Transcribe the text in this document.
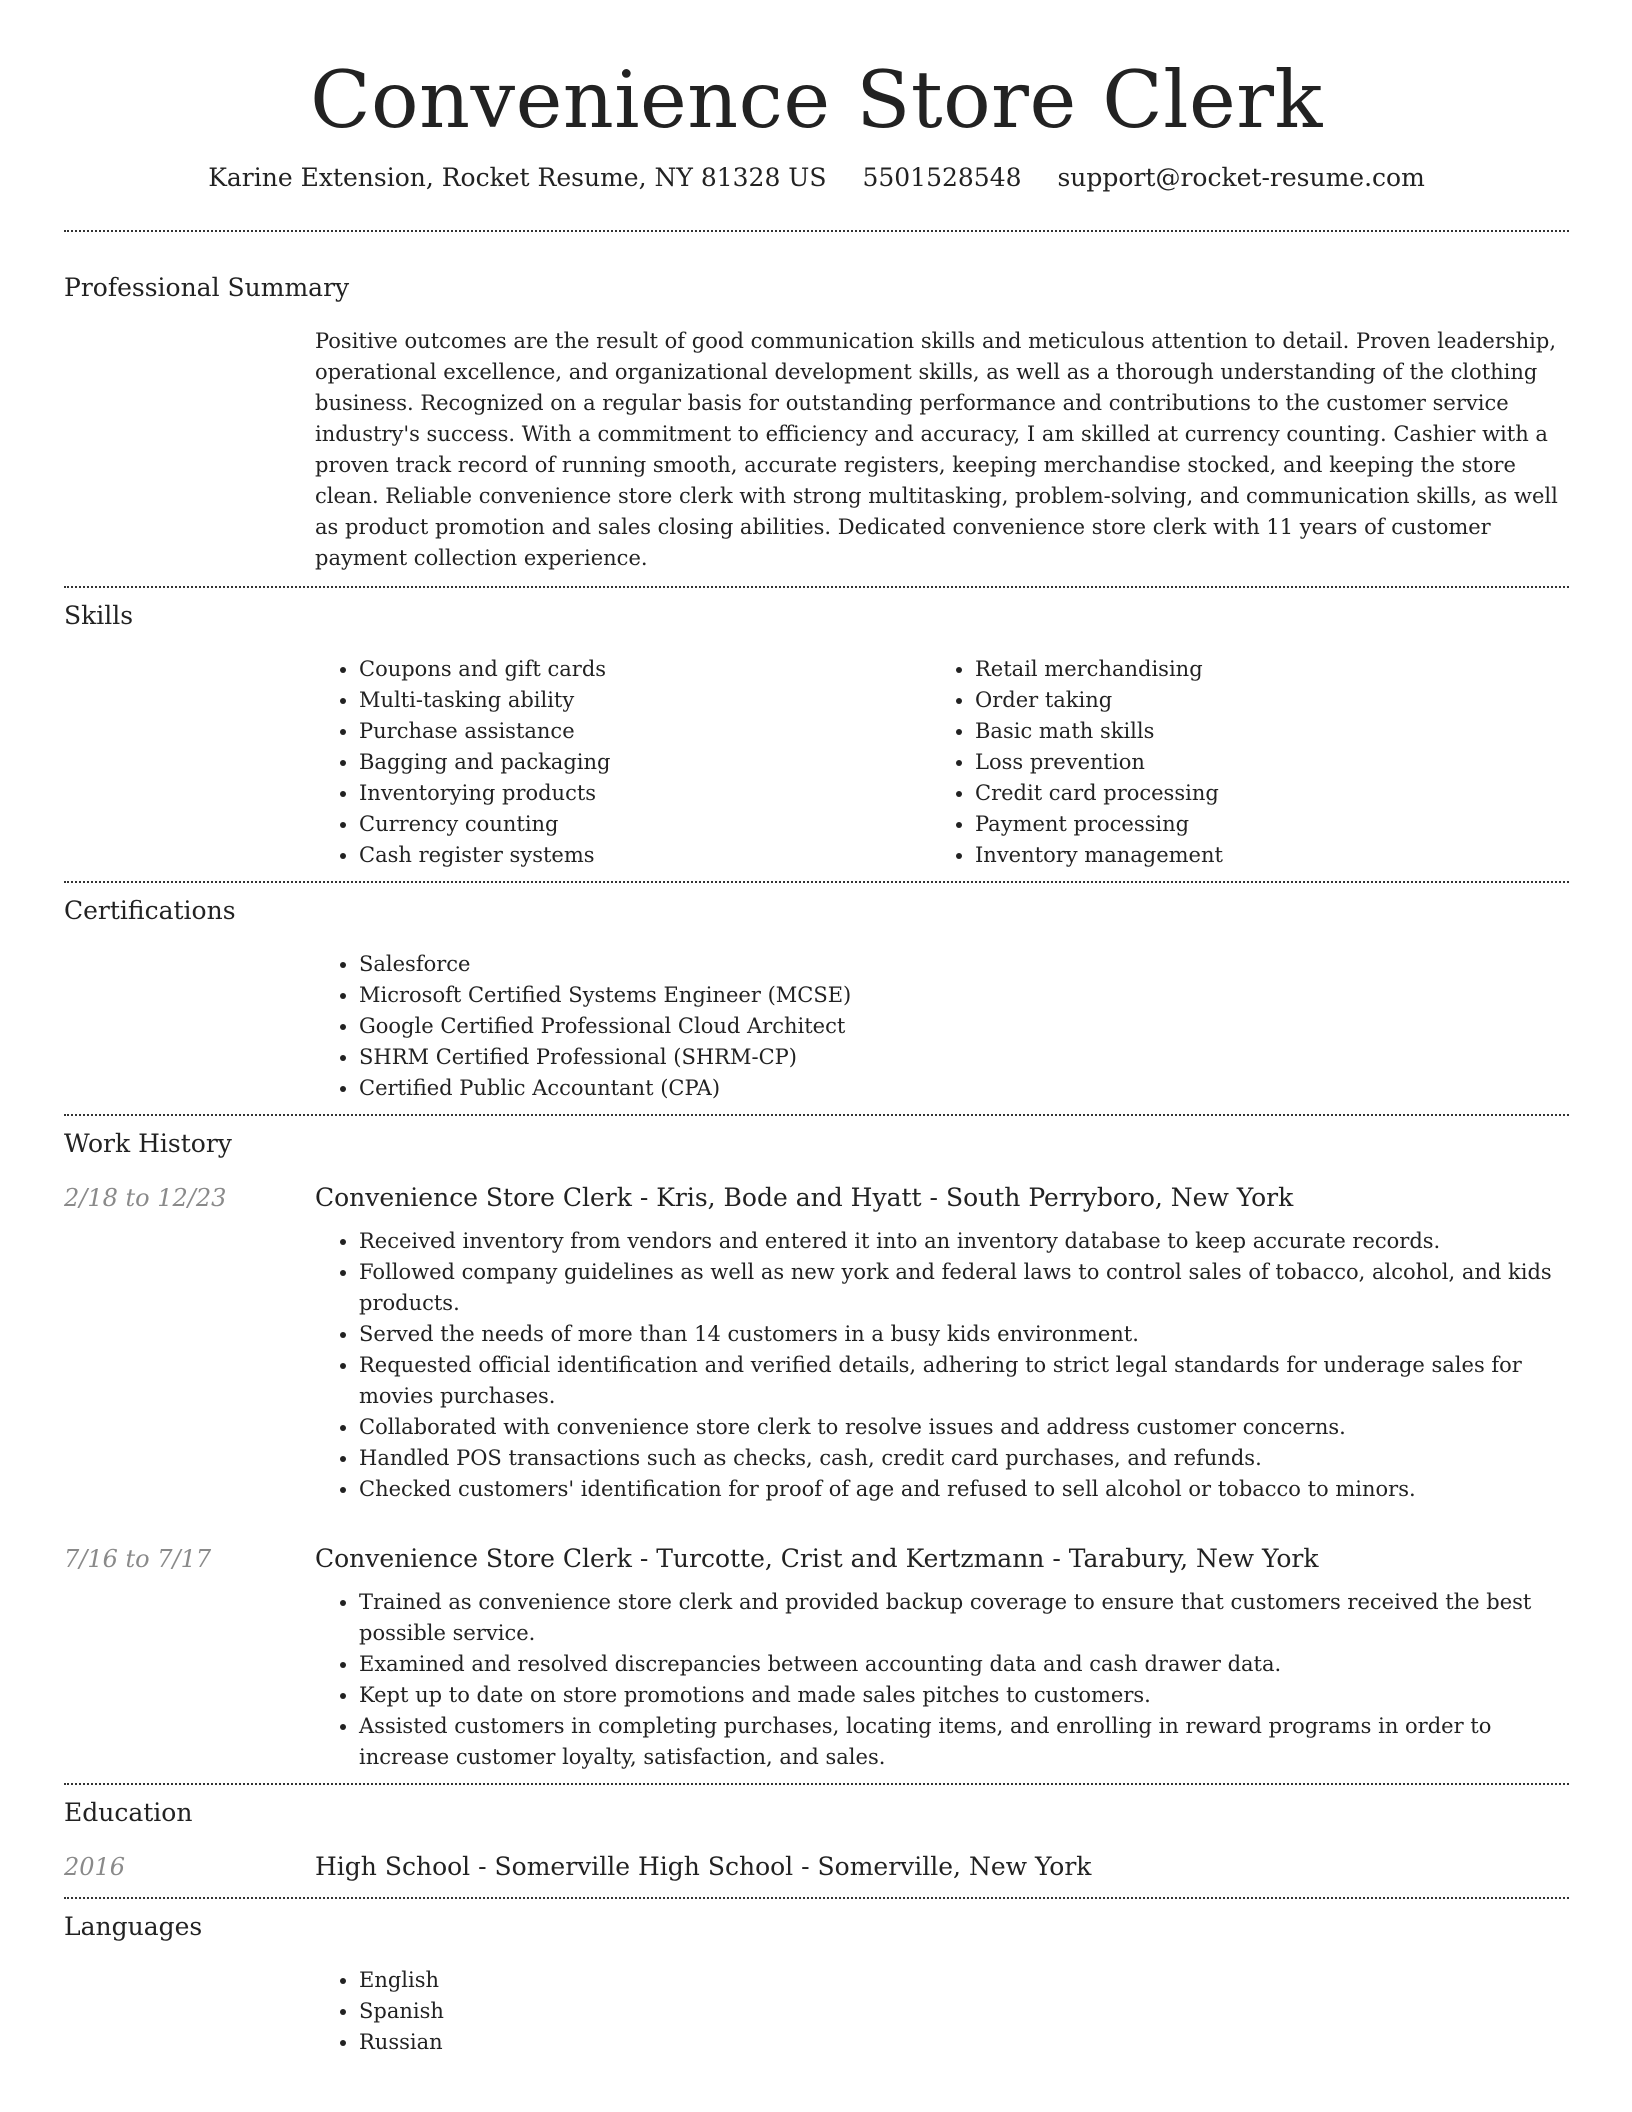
Convenience Store Clerk
Karine Extension, Rocket Resume, NY 81328 US 5501528548 support@rocket-resume.com
Professional Summary
Positive outcomes are the result of good communication skills and meticulous attention to detail. Proven leadership, operational excellence, and organizational development skills, as well as a thorough understanding of the clothing business. Recognized on a regular basis for outstanding performance and contributions to the customer service industry's success. With a commitment to efficiency and accuracy, I am skilled at currency counting. Cashier with a proven track record of running smooth, accurate registers, keeping merchandise stocked, and keeping the store clean. Reliable convenience store clerk with strong multitasking, problem-solving, and communication skills, as well as product promotion and sales closing abilities. Dedicated convenience store clerk with 11 years of customer payment collection experience.
Skills
• Coupons and gift cards
• Multi-tasking ability
• Purchase assistance
• Bagging and packaging
• Inventorying products
• Currency counting
• Cash register systems
• Retail merchandising
• Order taking
• Basic math skills
• Loss prevention
• Credit card processing
• Payment processing
• Inventory management
Certifications
• Salesforce
• Microsoft Certified Systems Engineer (MCSE)
• Google Certified Professional Cloud Architect
• SHRM Certified Professional (SHRM-CP)
• Certified Public Accountant (CPA)
Work History
2/18 to 12/23	Convenience Store Clerk - Kris, Bode and Hyatt - South Perryboro, New York
• Received inventory from vendors and entered it into an inventory database to keep accurate records.
• Followed company guidelines as well as new york and federal laws to control sales of tobacco, alcohol, and kids products.
• Served the needs of more than 14 customers in a busy kids environment.
• Requested official identification and verified details, adhering to strict legal standards for underage sales for movies purchases.
• Collaborated with convenience store clerk to resolve issues and address customer concerns.
• Handled POS transactions such as checks, cash, credit card purchases, and refunds.
• Checked customers' identification for proof of age and refused to sell alcohol or tobacco to minors.
7/16 to 7/17	Convenience Store Clerk - Turcotte, Crist and Kertzmann - Tarabury, New York
• Trained as convenience store clerk and provided backup coverage to ensure that customers received the best possible service.
• Examined and resolved discrepancies between accounting data and cash drawer data.
• Kept up to date on store promotions and made sales pitches to customers.
• Assisted customers in completing purchases, locating items, and enrolling in reward programs in order to increase customer loyalty, satisfaction, and sales.
Education
2016	High School - Somerville High School - Somerville, New York
Languages
• English
• Spanish
• Russian
